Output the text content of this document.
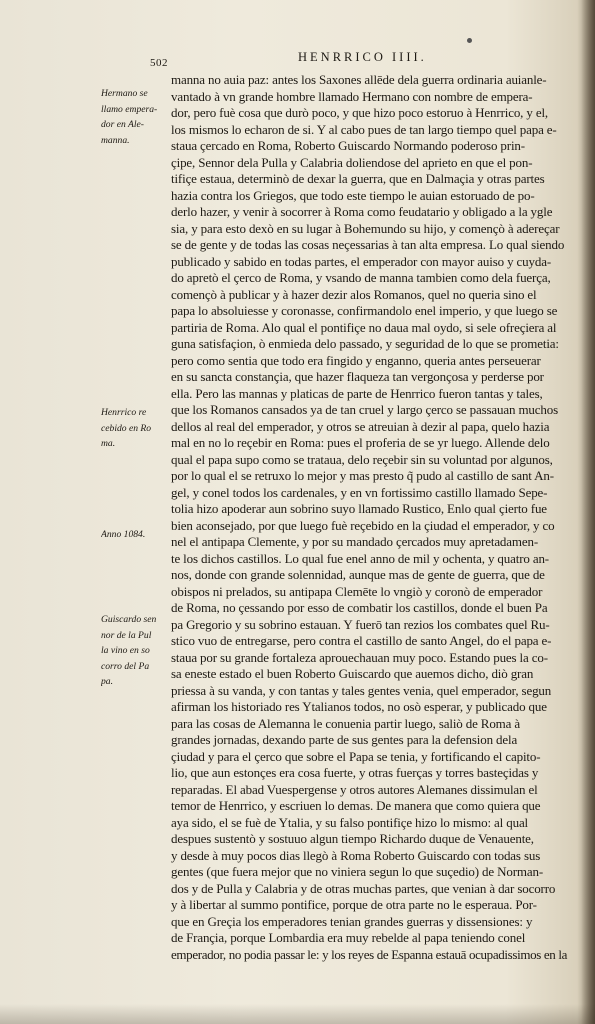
502	HENRRICO IIII.
Hermano se
llamo empera-
dor en Ale-
manna.
Henrrico re
cebido en Ro
ma.
Anno 1084.
Guiscardo sen
nor de la Pul
la vino en so
corro del Pa
pa.
manna no auia paz: antes los Saxones allēde dela guerra ordinaria auianle-
vantado à vn grande hombre llamado Hermano con nombre de empera-
dor, pero fuè cosa que durò poco, y que hizo poco estoruo à Henrrico, y el,
los mismos lo echaron de si. Y al cabo pues de tan largo tiempo quel papa e-
staua çercado en Roma, Roberto Guiscardo Normando poderoso prin-
çipe, Sennor dela Pulla y Calabria doliendose del aprieto en que el pon-
tifiçe estaua, determinò de dexar la guerra, que en Dalmaçia y otras partes
hazia contra los Griegos, que todo este tiempo le auian estoruado de po-
derlo hazer, y venir à socorrer à Roma como feudatario y obligado a la ygle
sia, y para esto dexò en su lugar à Bohemundo su hijo, y començò à adereçar
se de gente y de todas las cosas neçessarias à tan alta empresa. Lo qual siendo
publicado y sabido en todas partes, el emperador con mayor auiso y cuyda-
do apretò el çerco de Roma, y vsando de manna tambien como dela fuerça,
començò à publicar y à hazer dezir alos Romanos, quel no queria sino el
papa lo absoluiesse y coronasse, confirmandolo enel imperio, y que luego se
partiria de Roma. Alo qual el pontifiçe no daua mal oydo, si sele ofreçiera al
guna satisfaçion, ò enmieda delo passado, y seguridad de lo que se prometia:
pero como sentia que todo era fingido y enganno, queria antes perseuerar
en su sancta constançia, que hazer flaqueza tan vergonçosa y perderse por
ella. Pero las mannas y platicas de parte de Henrrico fueron tantas y tales,
que los Romanos cansados ya de tan cruel y largo çerco se passauan muchos
dellos al real del emperador, y otros se atreuian à dezir al papa, quelo hazia
mal en no lo reçebir en Roma: pues el proferia de se yr luego. Allende delo
qual el papa supo como se trataua, delo reçebir sin su voluntad por algunos,
por lo qual el se retruxo lo mejor y mas presto q̃ pudo al castillo de sant An-
gel, y conel todos los cardenales, y en vn fortissimo castillo llamado Sepe-
tolia hizo apoderar aun sobrino suyo llamado Rustico, Enlo qual çierto fue
bien aconsejado, por que luego fuè reçebido en la çiudad el emperador, y co
nel el antipapa Clemente, y por su mandado çercados muy apretadamen-
te los dichos castillos. Lo qual fue enel anno de mil y ochenta, y quatro an-
nos, donde con grande solennidad, aunque mas de gente de guerra, que de
obispos ni prelados, su antipapa Clemēte lo vngiò y coronò de emperador
de Roma, no çessando por esso de combatir los castillos, donde el buen Pa
pa Gregorio y su sobrino estauan. Y fuerō tan rezios los combates quel Ru-
stico vuo de entregarse, pero contra el castillo de santo Angel, do el papa e-
staua por su grande fortaleza aprouechauan muy poco. Estando pues la co-
sa eneste estado el buen Roberto Guiscardo que auemos dicho, diò gran
priessa à su vanda, y con tantas y tales gentes venia, quel emperador, segun
afirman los historiado res Ytalianos todos, no osò esperar, y publicado que
para las cosas de Alemanna le conuenia partir luego, saliò de Roma à
grandes jornadas, dexando parte de sus gentes para la defension dela
çiudad y para el çerco que sobre el Papa se tenia, y fortificando el capito-
lio, que aun estonçes era cosa fuerte, y otras fuerças y torres basteçidas y
reparadas. El abad Vuespergense y otros autores Alemanes dissimulan el
temor de Henrrico, y escriuen lo demas. De manera que como quiera que
aya sido, el se fuè de Ytalia, y su falso pontifiçe hizo lo mismo: al qual
despues sustentò y sostuuo algun tiempo Richardo duque de Venauente,
y desde à muy pocos dias llegò à Roma Roberto Guiscardo con todas sus
gentes (que fuera mejor que no viniera segun lo que suçedio) de Norman-
dos y de Pulla y Calabria y de otras muchas partes, que venian à dar socorro
y à libertar al summo pontifice, porque de otra parte no le esperaua. Por-
que en Greçia los emperadores tenian grandes guerras y dissensiones: y
de Françia, porque Lombardia era muy rebelde al papa teniendo conel
emperador, no podia passar le: y los reyes de Espanna estauā ocupadissimos en la
